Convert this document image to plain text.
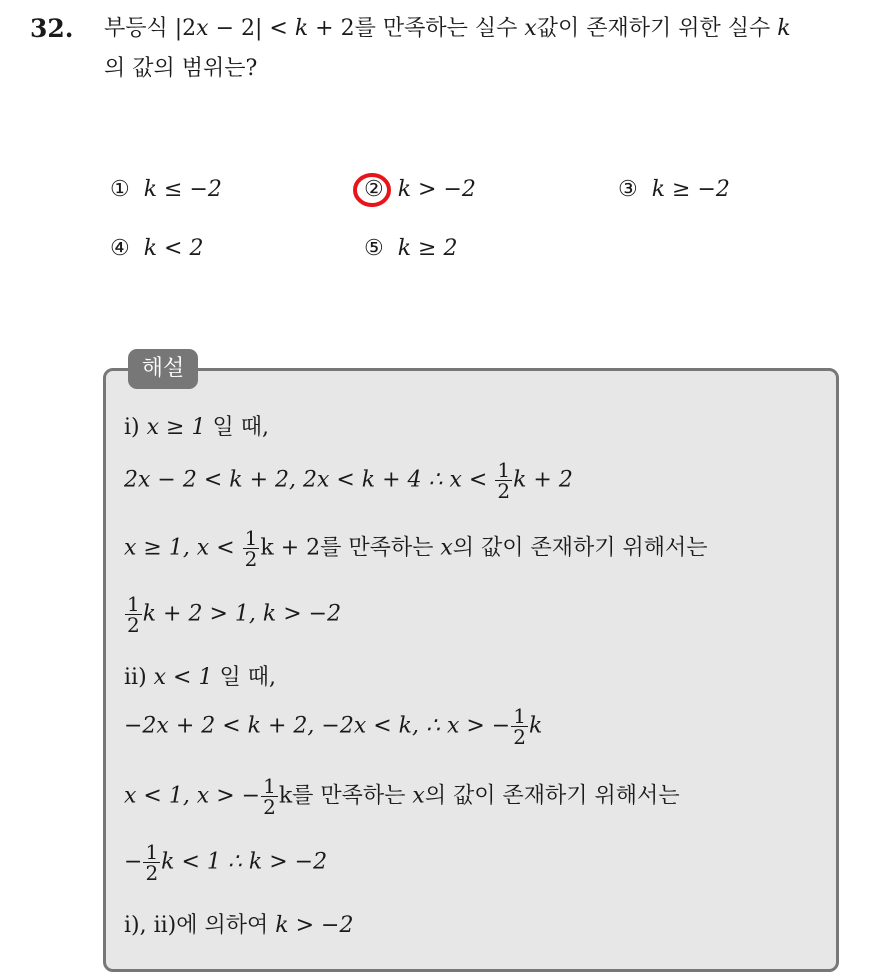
32. 부등식 |2x − 2| < k + 2를 만족하는 실수 x값이 존재하기 위한 실수 k
의 값의 범위는?
① k ≤ −2	② k > −2	③ k ≥ −2
④ k < 2	⑤ k ≥ 2
해설
ⅰ) x ≥ 1 일 때,
2x − 2 < k + 2, 2x < k + 4 ∴ $x < \frac{1}{2}$ k + 2
x ≥ 1, $x < \frac{1}{2}$ k + 2를 만족하는 x의 값이 존재하기 위해서는
$\frac{1}{2}$ k + 2 > 1, k > −2
ⅱ) x < 1 일 때,
−2x + 2 < k + 2, −2x < k, ∴ x > − $\frac{1}{2}$ k
x < 1, x > − $\frac{1}{2}$ k를 만족하는 x의 값이 존재하기 위해서는
− $\frac{1}{2}$ k < 1 ∴ k > −2
ⅰ), ⅱ)에 의하여 k > −2
